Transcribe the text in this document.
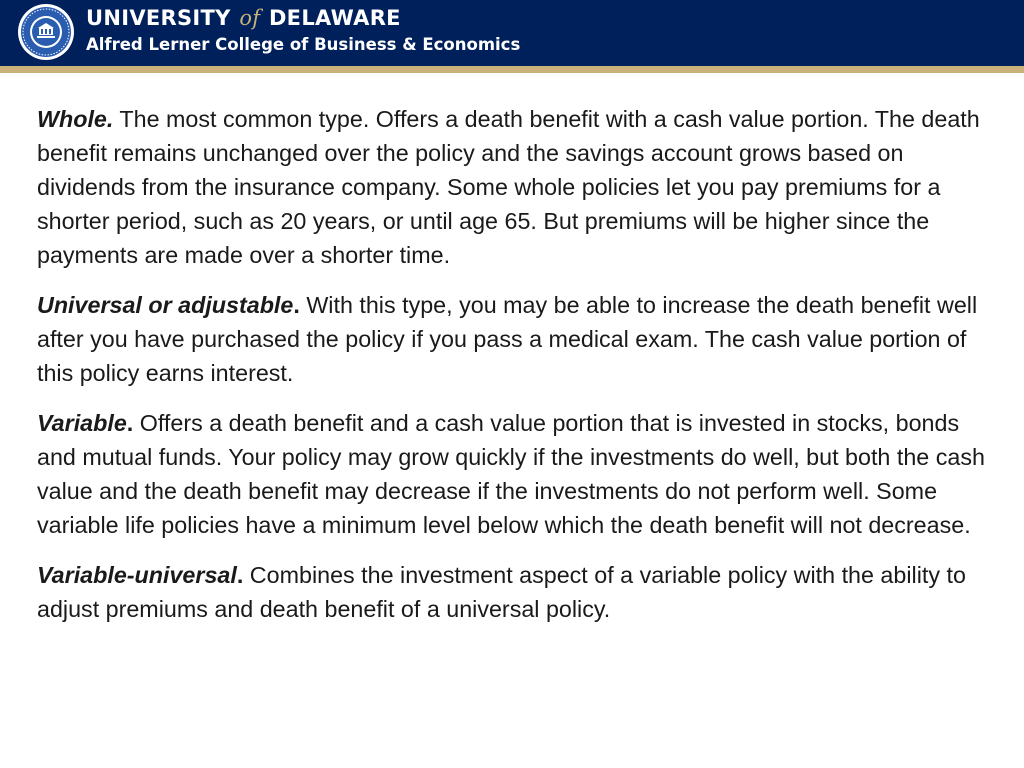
UNIVERSITY of DELAWARE
Alfred Lerner College of Business & Economics

Whole. The most common type. Offers a death benefit with a cash value portion. The death benefit remains unchanged over the policy and the savings account grows based on dividends from the insurance company. Some whole policies let you pay premiums for a shorter period, such as 20 years, or until age 65. But premiums will be higher since the payments are made over a shorter time.

Universal or adjustable. With this type, you may be able to increase the death benefit well after you have purchased the policy if you pass a medical exam. The cash value portion of this policy earns interest.

Variable. Offers a death benefit and a cash value portion that is invested in stocks, bonds and mutual funds. Your policy may grow quickly if the investments do well, but both the cash value and the death benefit may decrease if the investments do not perform well. Some variable life policies have a minimum level below which the death benefit will not decrease.

Variable-universal. Combines the investment aspect of a variable policy with the ability to adjust premiums and death benefit of a universal policy.
